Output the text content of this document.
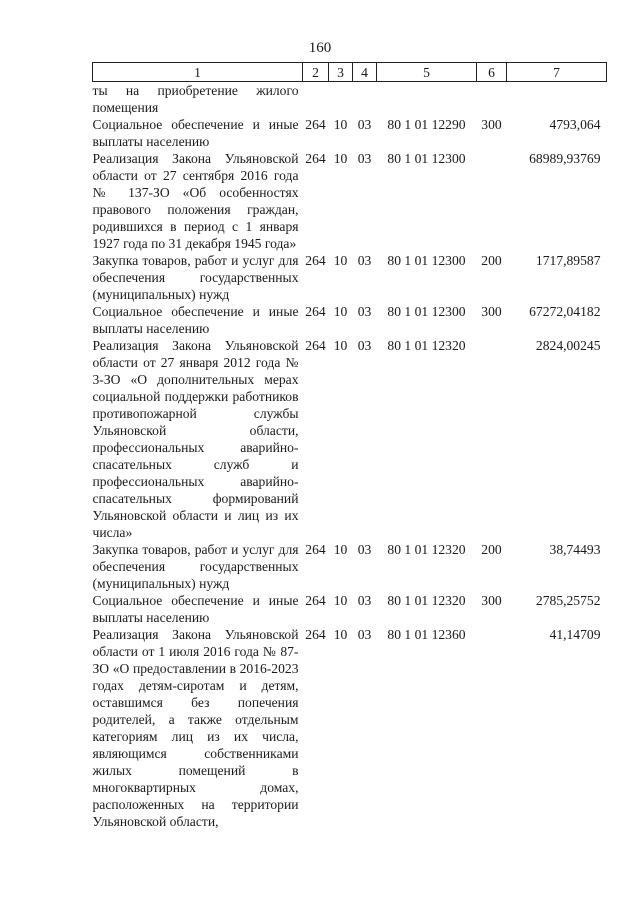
160
1	2	3	4	5	6	7
ты на приобретение жилого помещения						
Социальное обеспечение и иные выплаты населению	264	10	03	80 1 01 12290	300	4793,064
Реализация Закона Ульяновской области от 27 сентября 2016 года № 137-ЗО «Об особенностях правового положения граждан, родившихся в период с 1 января 1927 года по 31 декабря 1945 года»	264	10	03	80 1 01 12300		68989,93769
Закупка товаров, работ и услуг для обеспечения государственных (муниципальных) нужд	264	10	03	80 1 01 12300	200	1717,89587
Социальное обеспечение и иные выплаты населению	264	10	03	80 1 01 12300	300	67272,04182
Реализация Закона Ульяновской области от 27 января 2012 года № 3-ЗО «О дополнительных мерах социальной поддержки работников противопожарной службы Ульяновской области, профессиональных аварийно-спасательных служб и профессиональных аварийно-спасательных формирований Ульяновской области и лиц из их числа»	264	10	03	80 1 01 12320		2824,00245
Закупка товаров, работ и услуг для обеспечения государственных (муниципальных) нужд	264	10	03	80 1 01 12320	200	38,74493
Социальное обеспечение и иные выплаты населению	264	10	03	80 1 01 12320	300	2785,25752
Реализация Закона Ульяновской области от 1 июля 2016 года № 87-ЗО «О предоставлении в 2016-2023 годах детям-сиротам и детям, оставшимся без попечения родителей, а также отдельным категориям лиц из их числа, являющимся собственниками жилых помещений в многоквартирных домах, расположенных на территории Ульяновской области,	264	10	03	80 1 01 12360		41,14709
